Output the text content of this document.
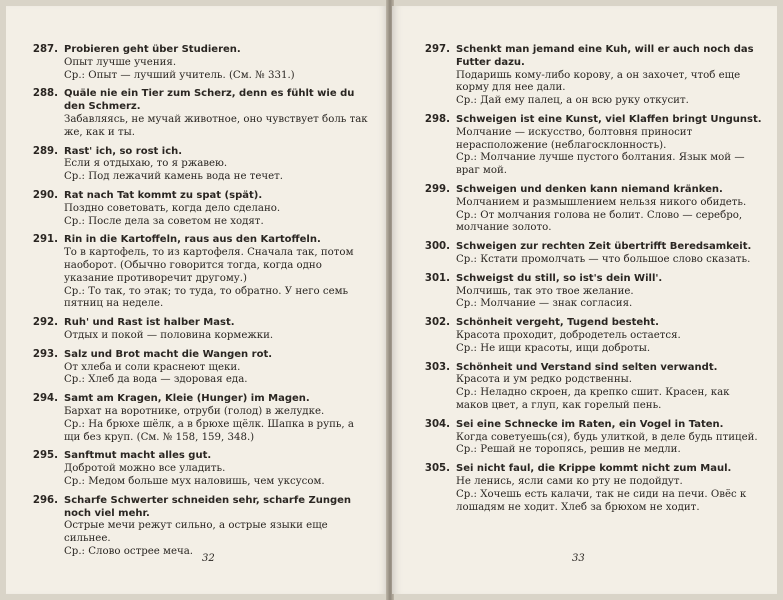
287. Probieren geht über Studieren.
Опыт лучше учения.
Ср.: Опыт — лучший учитель. (См. № 331.)
288. Quäle nie ein Tier zum Scherz, denn es fühlt wie du den Schmerz.
Забавляясь, не мучай животное, оно чувствует боль так же, как и ты.
289. Rast' ich, so rost ich.
Если я отдыхаю, то я ржавею.
Ср.: Под лежачий камень вода не течет.
290. Rat nach Tat kommt zu spat (spät).
Поздно советовать, когда дело сделано.
Ср.: После дела за советом не ходят.
291. Rin in die Kartoffeln, raus aus den Kartoffeln.
То в картофель, то из картофеля. Сначала так, потом наоборот. (Обычно говорится тогда, когда одно указание противоречит другому.)
Ср.: То так, то этак; то туда, то обратно. У него семь пятниц на неделе.
292. Ruh' und Rast ist halber Mast.
Отдых и покой — половина кормежки.
293. Salz und Brot macht die Wangen rot.
От хлеба и соли краснеют щеки.
Ср.: Хлеб да вода — здоровая еда.
294. Samt am Kragen, Kleie (Hunger) im Magen.
Бархат на воротнике, отруби (голод) в желудке.
Ср.: На брюхе шёлк, а в брюхе щёлк. Шапка в рупь, а щи без круп. (См. № 158, 159, 348.)
295. Sanftmut macht alles gut.
Добротой можно все уладить.
Ср.: Медом больше мух наловишь, чем уксусом.
296. Scharfe Schwerter schneiden sehr, scharfe Zungen noch viel mehr.
Острые мечи режут сильно, а острые языки еще сильнее.
Ср.: Слово острее меча.
32
297. Schenkt man jemand eine Kuh, will er auch noch das Futter dazu.
Подаришь кому-либо корову, а он захочет, чтоб еще корму для нее дали.
Ср.: Дай ему палец, а он всю руку откусит.
298. Schweigen ist eine Kunst, viel Klaffen bringt Ungunst.
Молчание — искусство, болтовня приносит нерасположение (неблагосклонность).
Ср.: Молчание лучше пустого болтания. Язык мой — враг мой.
299. Schweigen und denken kann niemand kränken.
Молчанием и размышлением нельзя никого обидеть.
Ср.: От молчания голова не болит. Слово — серебро, молчание золото.
300. Schweigen zur rechten Zeit übertrifft Beredsamkeit.
Ср.: Кстати промолчать — что большое слово сказать.
301. Schweigst du still, so ist's dein Will'.
Молчишь, так это твое желание.
Ср.: Молчание — знак согласия.
302. Schönheit vergeht, Tugend besteht.
Красота проходит, добродетель остается.
Ср.: Не ищи красоты, ищи доброты.
303. Schönheit und Verstand sind selten verwandt.
Красота и ум редко родственны.
Ср.: Неладно скроен, да крепко сшит. Красен, как маков цвет, а глуп, как горелый пень.
304. Sei eine Schnecke im Raten, ein Vogel in Taten.
Когда советуешь(ся), будь улиткой, в деле будь птицей.
Ср.: Решай не торопясь, решив не медли.
305. Sei nicht faul, die Krippe kommt nicht zum Maul.
Не ленись, ясли сами ко рту не подойдут.
Ср.: Хочешь есть калачи, так не сиди на печи. Овёс к лошадям не ходит. Хлеб за брюхом не ходит.
33
